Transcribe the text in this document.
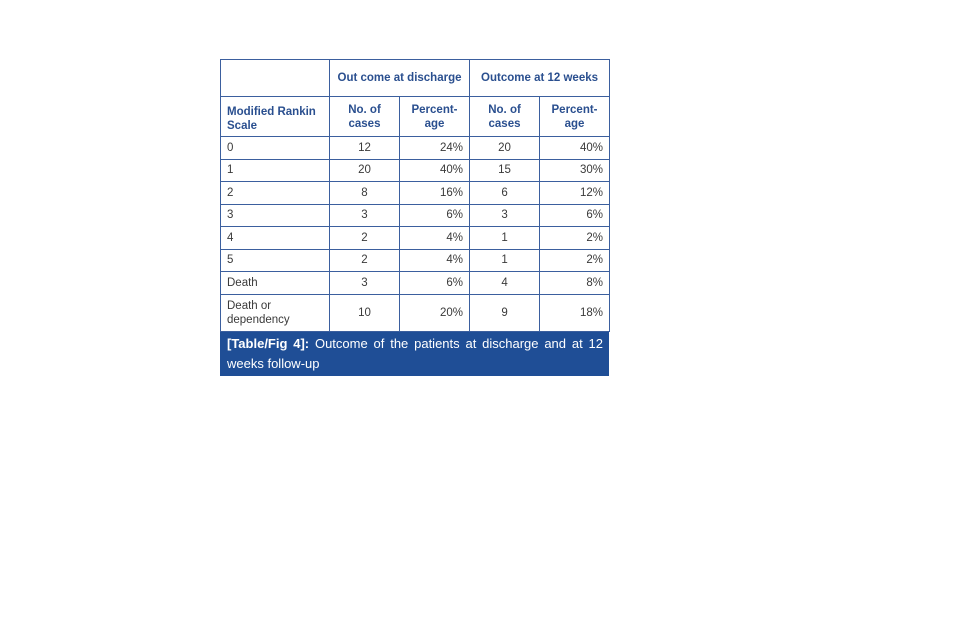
	Out come at discharge		Outcome at 12 weeks	
Modified Rankin Scale	No. of cases	Percent- age	No. of cases	Percent- age
0	12	24%	20	40%
1	20	40%	15	30%
2	8	16%	6	12%
3	3	6%	3	6%
4	2	4%	1	2%
5	2	4%	1	2%
Death	3	6%	4	8%
Death or dependency	10	20%	9	18%
[Table/Fig 4]: Outcome of the patients at discharge and at 12 weeks follow-up
